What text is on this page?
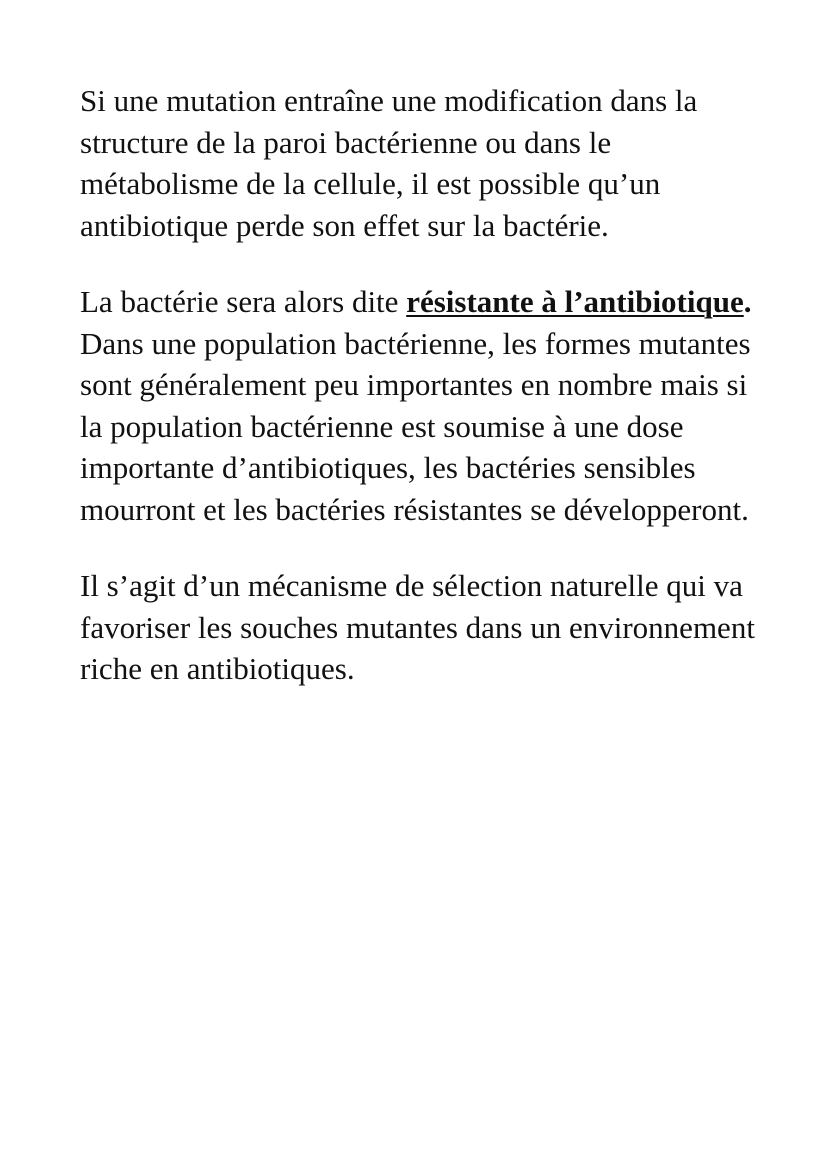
Si une mutation entraîne une modification dans la structure de la paroi bactérienne ou dans le métabolisme de la cellule, il est possible qu’un antibiotique perde son effet sur la bactérie.

La bactérie sera alors dite résistante à l’antibiotique.

Dans une population bactérienne, les formes mutantes sont généralement peu importantes en nombre mais si la population bactérienne est soumise à une dose importante d’antibiotiques, les bactéries sensibles mourront et les bactéries résistantes se développeront.

Il s’agit d’un mécanisme de sélection naturelle qui va favoriser les souches mutantes dans un environnement riche en antibiotiques.
